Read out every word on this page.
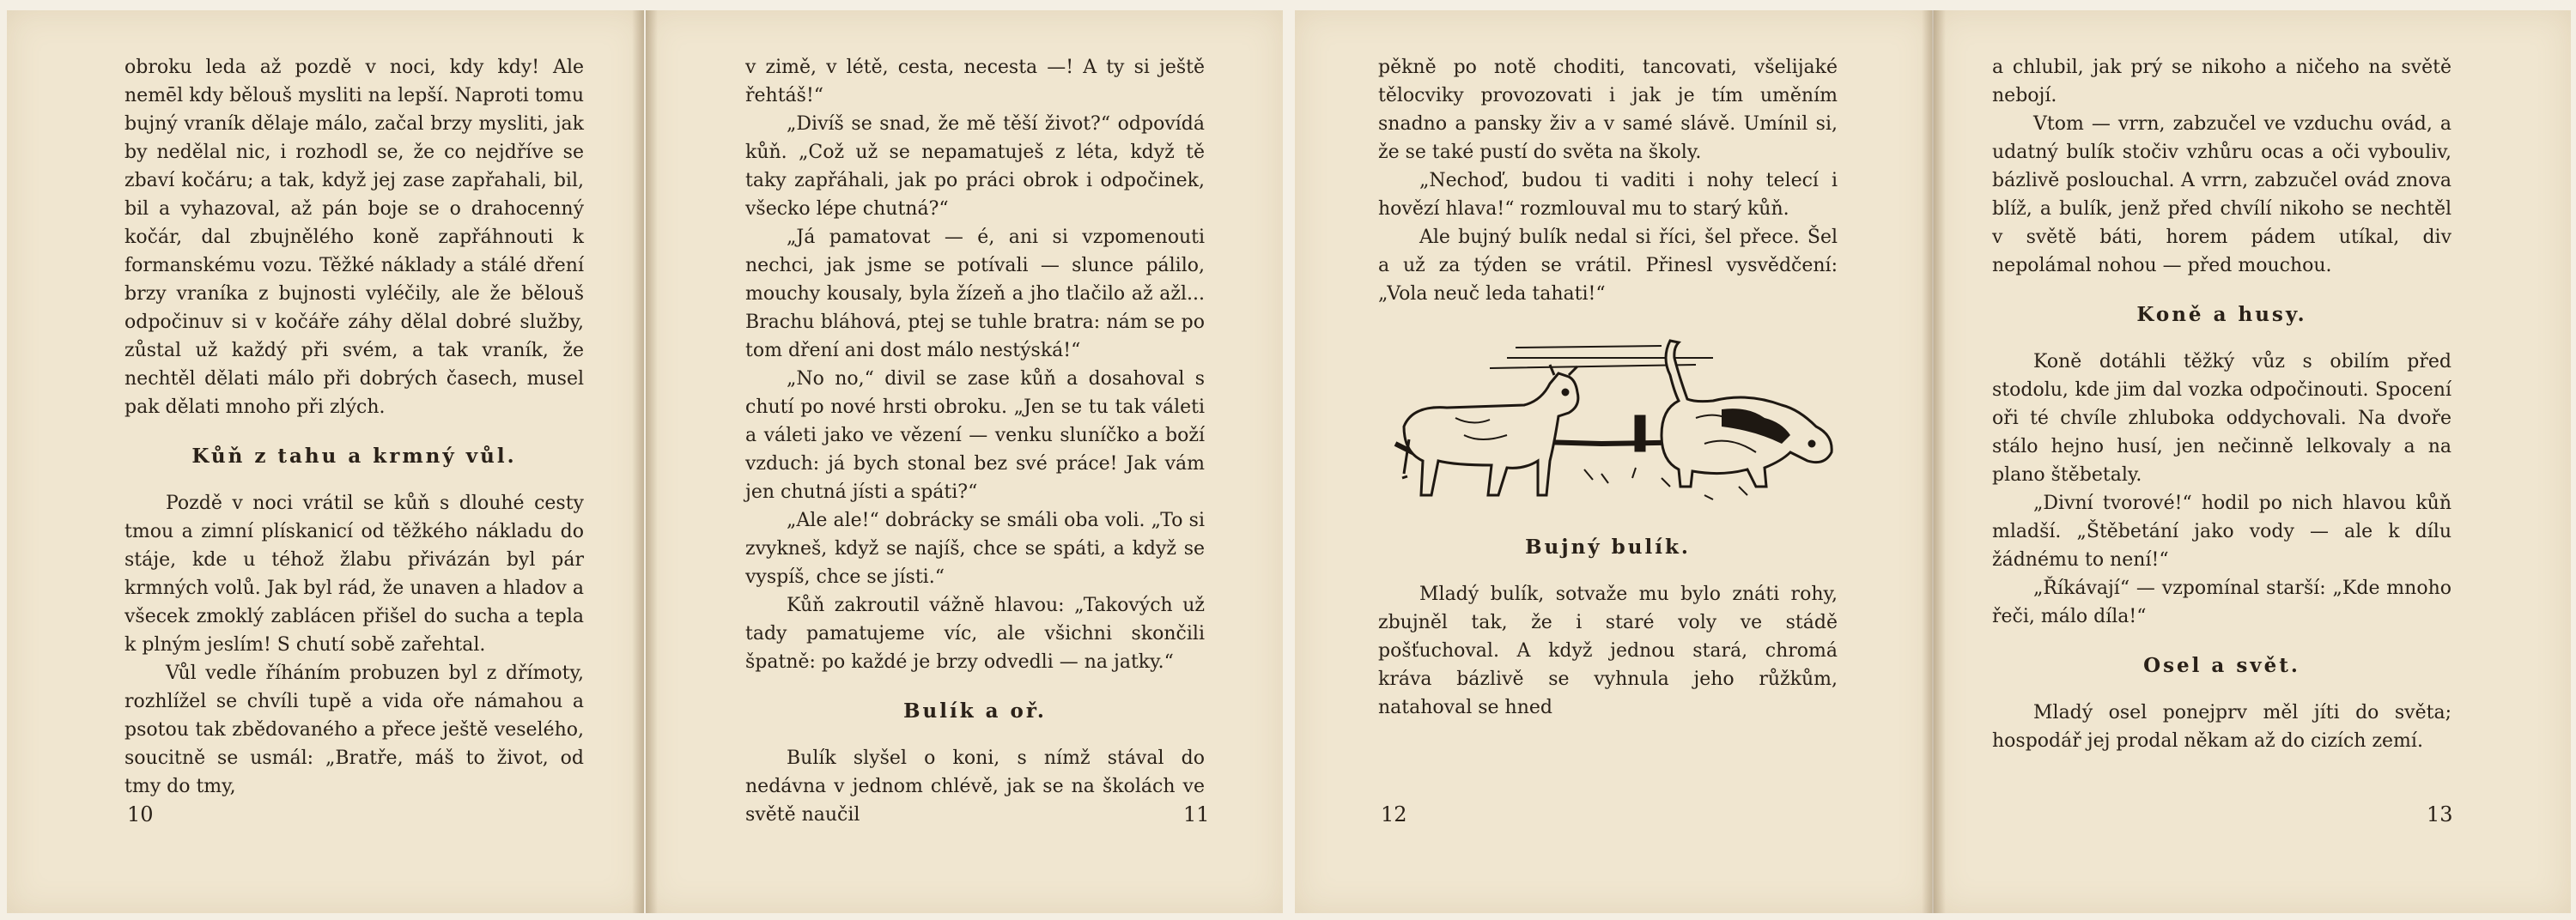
obroku leda až pozdě v noci, kdy kdy! Ale nemēl kdy bělouš mysliti na lepší. Naproti tomu bujný vraník dělaje málo, začal brzy mysliti, jak by nedělal nic, i rozhodl se, že co nejdříve se zbaví kočáru; a tak, když jej zase zapřahali, bil, bil a vyhazoval, až pán boje se o drahocenný kočár, dal zbujnělého koně zapřáhnouti k formanskému vozu. Těžké náklady a stálé dření brzy vraníka z bujnosti vyléčily, ale že bělouš odpočinuv si v kočáře záhy dělal dobré služby, zůstal už každý při svém, a tak vraník, že nechtěl dělati málo při dobrých časech, musel pak dělati mnoho při zlých.

Kůň z tahu a krmný vůl.

Pozdě v noci vrátil se kůň s dlouhé cesty tmou a zimní plískanicí od těžkého nákladu do stáje, kde u téhož žlabu přivázán byl pár krmných volů. Jak byl rád, že unaven a hladov a všecek zmoklý zablácen přišel do sucha a tepla k plným jeslím! S chutí sobě zařehtal.

Vůl vedle říháním probuzen byl z dřímoty, rozhlížel se chvíli tupě a vida oře námahou a psotou tak zbědovaného a přece ještě veselého, soucitně se usmál: „Bratře, máš to život, od tmy do tmy,

v zimě, v létě, cesta, necesta —! A ty si ještě řehtáš!“

„Divíš se snad, že mě těší život?“ odpovídá kůň. „Což už se nepamatuješ z léta, když tě taky zapřáhali, jak po práci obrok i odpočinek, všecko lépe chutná?“

„Já pamatovat — é, ani si vzpomenouti nechci, jak jsme se potívali — slunce pálilo, mouchy kousaly, byla žízeň a jho tlačilo až ažl... Brachu bláhová, ptej se tuhle bratra: nám se po tom dření ani dost málo nestýská!“

„No no,“ divil se zase kůň a dosahoval s chutí po nové hrsti obroku. „Jen se tu tak váleti a váleti jako ve vězení — venku sluníčko a boží vzduch: já bych stonal bez své práce! Jak vám jen chutná jísti a spáti?“

„Ale ale!“ dobrácky se smáli oba voli. „To si zvykneš, když se najíš, chce se spáti, a když se vyspíš, chce se jísti.“

Kůň zakroutil vážně hlavou: „Takových už tady pamatujeme víc, ale všichni skončili špatně: po každé je brzy odvedli — na jatky.“

Bulík a oř.

Bulík slyšel o koni, s nímž stával do nedávna v jednom chlévě, jak se na školách ve světě naučil

pěkně po notě choditi, tancovati, všelijaké tělocviky provozovati i jak je tím uměním snadno a pansky živ a v samé slávě. Umínil si, že se také pustí do světa na školy.

„Nechoď, budou ti vaditi i nohy telecí i hovězí hlava!“ rozmlouval mu to starý kůň.

Ale bujný bulík nedal si říci, šel přece. Šel a už za týden se vrátil. Přinesl vysvědčení: „Vola neuč leda tahati!“

Bujný bulík.

Mladý bulík, sotvaže mu bylo znáti rohy, zbujněl tak, že i staré voly ve stádě pošťuchoval. A když jednou stará, chromá kráva bázlivě se vyhnula jeho růžkům, natahoval se hned

a chlubil, jak prý se nikoho a ničeho na světě nebojí.

Vtom — vrrn, zabzučel ve vzduchu ovád, a udatný bulík stočiv vzhůru ocas a oči vybouliv, bázlivě poslouchal. A vrrn, zabzučel ovád znova blíž, a bulík, jenž před chvílí nikoho se nechtěl v světě báti, horem pádem utíkal, div nepolámal nohou — před mouchou.

Koně a husy.

Koně dotáhli těžký vůz s obilím před stodolu, kde jim dal vozka odpočinouti. Spocení oři té chvíle zhluboka oddychovali. Na dvoře stálo hejno husí, jen nečinně lelkovaly a na plano štěbetaly.

„Divní tvorové!“ hodil po nich hlavou kůň mladší. „Štěbetání jako vody — ale k dílu žádnému to není!“

„Říkávají“ — vzpomínal starší: „Kde mnoho řeči, málo díla!“

Osel a svět.

Mladý osel ponejprv měl jíti do světa; hospodář jej prodal někam až do cizích zemí.

10	11	12	13
